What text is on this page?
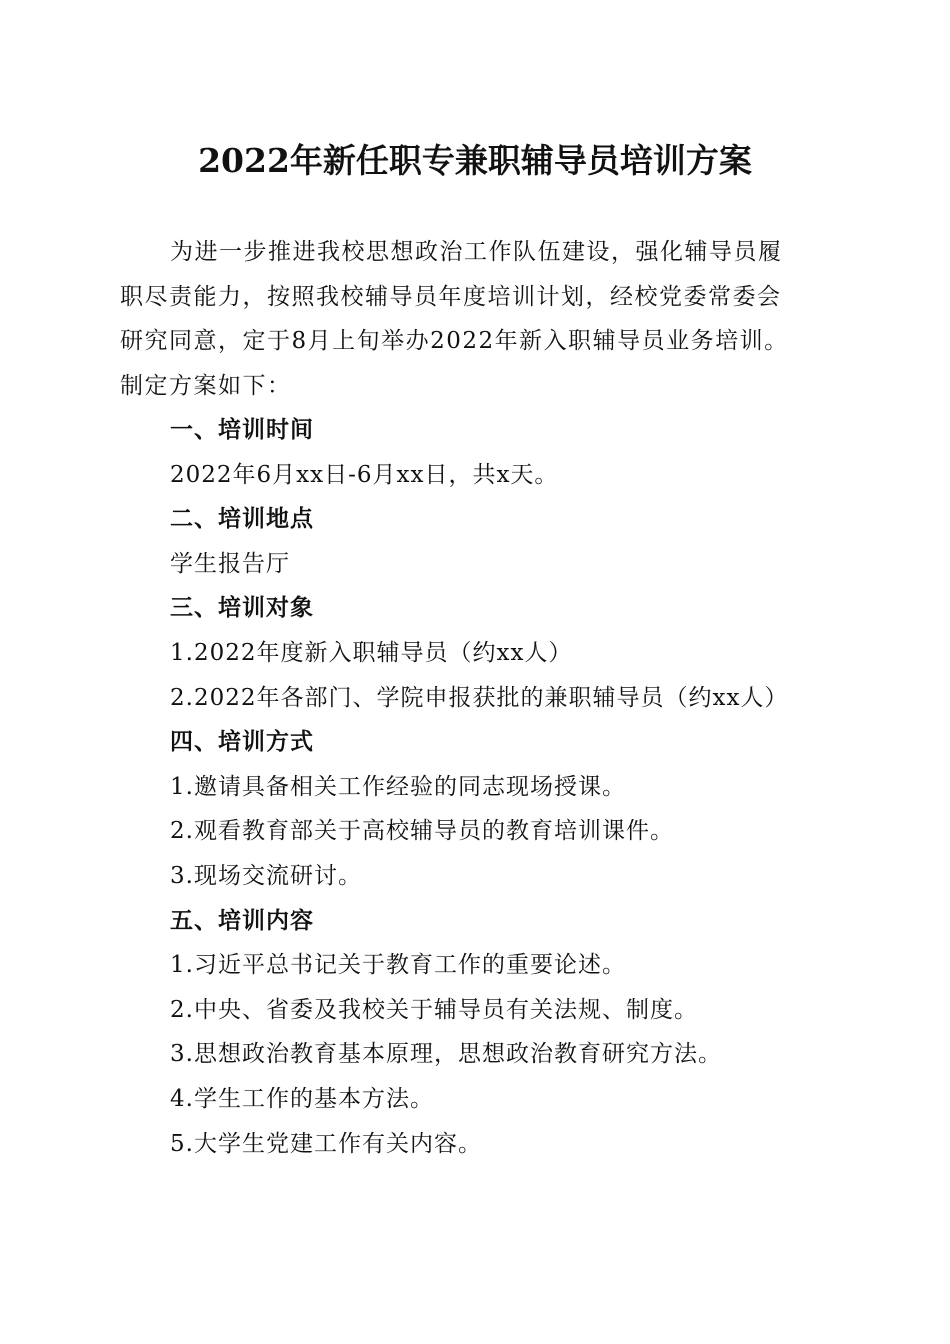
2022年新任职专兼职辅导员培训方案

为进一步推进我校思想政治工作队伍建设，强化辅导员履

职尽责能力，按照我校辅导员年度培训计划，经校党委常委会

研究同意，定于8月上旬举办2022年新入职辅导员业务培训。

制定方案如下：

一、培训时间
2022年6月xx日-6月xx日，共x天。
二、培训地点
学生报告厅
三、培训对象
1.2022年度新入职辅导员（约xx人）
2.2022年各部门、学院申报获批的兼职辅导员（约xx人）
四、培训方式
1.邀请具备相关工作经验的同志现场授课。
2.观看教育部关于高校辅导员的教育培训课件。
3.现场交流研讨。
五、培训内容
1.习近平总书记关于教育工作的重要论述。
2.中央、省委及我校关于辅导员有关法规、制度。
3.思想政治教育基本原理，思想政治教育研究方法。
4.学生工作的基本方法。
5.大学生党建工作有关内容。
